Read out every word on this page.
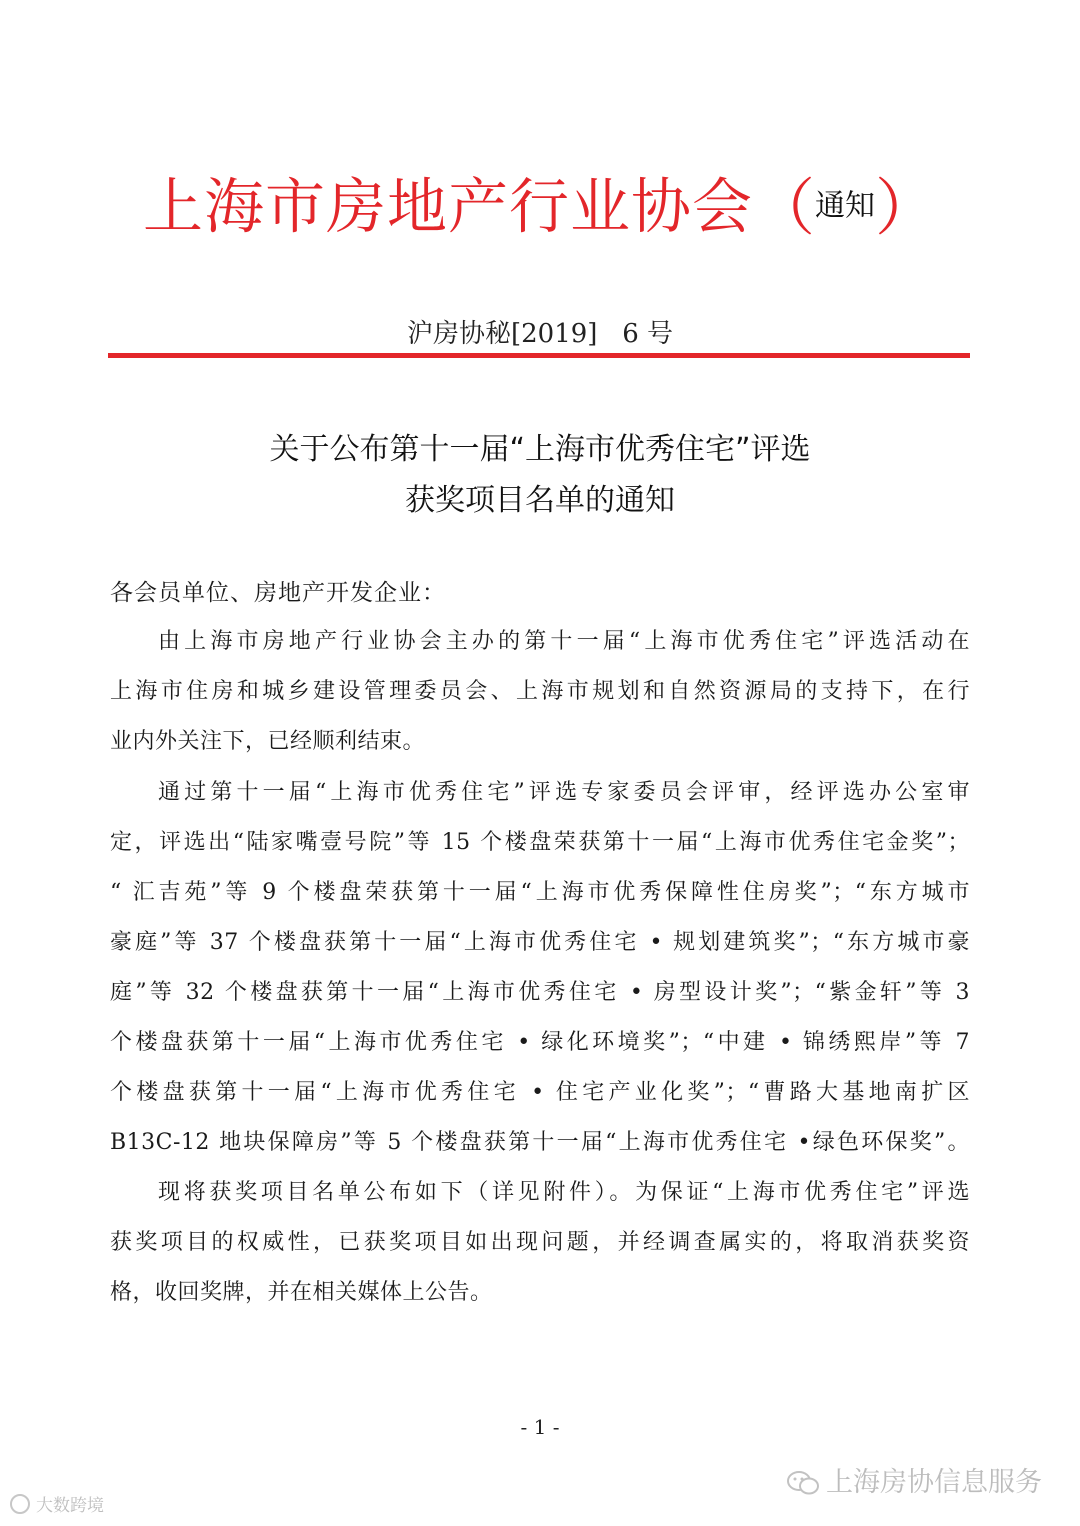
上海市房地产行业协会（通知）
沪房协秘[2019]   6 号
关于公布第十一届“上海市优秀住宅”评选
获奖项目名单的通知
各会员单位、房地产开发企业：
由上海市房地产行业协会主办的第十一届“上海市优秀住宅”评选活动在
上海市住房和城乡建设管理委员会、上海市规划和自然资源局的支持下，在行
业内外关注下，已经顺利结束。
通过第十一届“上海市优秀住宅”评选专家委员会评审，经评选办公室审
定，评选出“陆家嘴壹号院”等 15 个楼盘荣获第十一届“上海市优秀住宅金奖”；
“ 汇吉苑”等 9 个楼盘荣获第十一届“上海市优秀保障性住房奖”；“东方城市
豪庭”等 37 个楼盘获第十一届“上海市优秀住宅 • 规划建筑奖”；“东方城市豪
庭”等 32 个楼盘获第十一届“上海市优秀住宅 • 房型设计奖”；“紫金轩”等 3
个楼盘获第十一届“上海市优秀住宅 • 绿化环境奖”；“中建 • 锦绣熙岸”等 7
个楼盘获第十一届“上海市优秀住宅 • 住宅产业化奖”；“曹路大基地南扩区
B13C-12 地块保障房”等 5 个楼盘获第十一届“上海市优秀住宅 •绿色环保奖”。
现将获奖项目名单公布如下（详见附件）。为保证“上海市优秀住宅”评选
获奖项目的权威性，已获奖项目如出现问题，并经调查属实的，将取消获奖资
格，收回奖牌，并在相关媒体上公告。
- 1 -
大数跨境
上海房协信息服务
